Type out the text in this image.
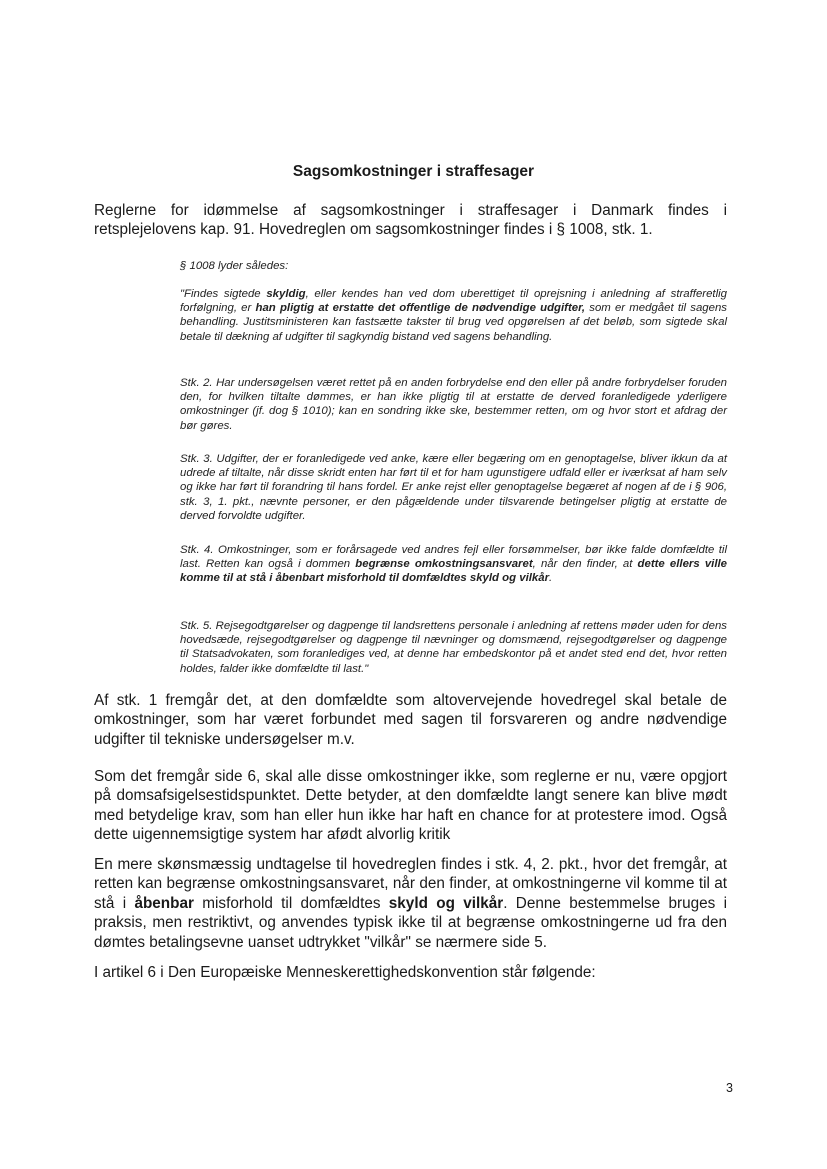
Sagsomkostninger i straffesager

Reglerne for idømmelse af sagsomkostninger i straffesager i Danmark findes i retsplejelovens kap. 91. Hovedreglen om sagsomkostninger findes i § 1008, stk. 1.

§ 1008 lyder således:

"Findes sigtede skyldig, eller kendes han ved dom uberettiget til oprejsning i anledning af strafferetlig forfølgning, er han pligtig at erstatte det offentlige de nødvendige udgifter, som er medgået til sagens behandling. Justitsministeren kan fastsætte takster til brug ved opgørelsen af det beløb, som sigtede skal betale til dækning af udgifter til sagkyndig bistand ved sagens behandling.

Stk. 2. Har undersøgelsen været rettet på en anden forbrydelse end den eller på andre forbrydelser foruden den, for hvilken tiltalte dømmes, er han ikke pligtig til at erstatte de derved foranledigede yderligere omkostninger (jf. dog § 1010); kan en sondring ikke ske, bestemmer retten, om og hvor stort et afdrag der bør gøres.

Stk. 3. Udgifter, der er foranledigede ved anke, kære eller begæring om en genoptagelse, bliver ikkun da at udrede af tiltalte, når disse skridt enten har ført til et for ham ugunstigere udfald eller er iværksat af ham selv og ikke har ført til forandring til hans fordel. Er anke rejst eller genoptagelse begæret af nogen af de i § 906, stk. 3, 1. pkt., nævnte personer, er den pågældende under tilsvarende betingelser pligtig at erstatte de derved forvoldte udgifter.

Stk. 4. Omkostninger, som er forårsagede ved andres fejl eller forsømmelser, bør ikke falde domfældte til last. Retten kan også i dommen begrænse omkostningsansvaret, når den finder, at dette ellers ville komme til at stå i åbenbart misforhold til domfældtes skyld og vilkår.

Stk. 5. Rejsegodtgørelser og dagpenge til landsrettens personale i anledning af rettens møder uden for dens hovedsæde, rejsegodtgørelser og dagpenge til nævninger og domsmænd, rejsegodtgørelser og dagpenge til Statsadvokaten, som foranlediges ved, at denne har embedskontor på et andet sted end det, hvor retten holdes, falder ikke domfældte til last."

Af stk. 1 fremgår det, at den domfældte som altovervejende hovedregel skal betale de omkostninger, som har været forbundet med sagen til forsvareren og andre nødvendige udgifter til tekniske undersøgelser m.v.

Som det fremgår side 6, skal alle disse omkostninger ikke, som reglerne er nu, være opgjort på domsafsigelsestidspunktet. Dette betyder, at den domfældte langt senere kan blive mødt med betydelige krav, som han eller hun ikke har haft en chance for at protestere imod. Også dette uigennemsigtige system har afødt alvorlig kritik

En mere skønsmæssig undtagelse til hovedreglen findes i stk. 4, 2. pkt., hvor det fremgår, at retten kan begrænse omkostningsansvaret, når den finder, at omkostningerne vil komme til at stå i åbenbar misforhold til domfældtes skyld og vilkår. Denne bestemmelse bruges i praksis, men restriktivt, og anvendes typisk ikke til at begrænse omkostningerne ud fra den dømtes betalingsevne uanset udtrykket "vilkår" se nærmere side 5.

I artikel 6 i Den Europæiske Menneskerettighedskonvention står følgende:

3
